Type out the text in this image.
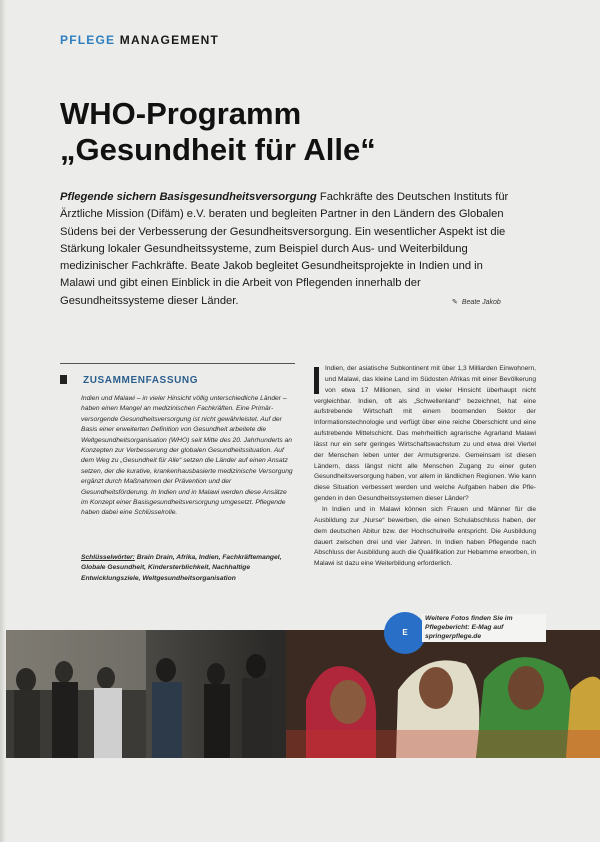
PFLEGE MANAGEMENT
WHO-Programm
„Gesundheit für Alle“
Pflegende sichern Basisgesundheitsversorgung Fachkräfte des Deutschen Instituts für Ärztliche Mission (Difäm) e.V. beraten und begleiten Partner in den Ländern des Globalen Südens bei der Verbesserung der Gesundheitsversorgung. Ein wesentlicher Aspekt ist die Stärkung lokaler Gesundheitssysteme, zum Beispiel durch Aus- und Weiterbildung medizinischer Fachkräfte. Beate Jakob begleitet Gesundheitsprojekte in Indien und in Malawi und gibt einen Einblick in die Arbeit von Pflegenden innerhalb der Gesundheitssysteme dieser Länder.	✎ Beate Jakob
ZUSAMMENFASSUNG
Indien und Malawi – in vieler Hinsicht völlig unterschiedliche Länder – haben einen Mangel an medizinischen Fachkräften. Eine Primärversorgende Gesundheitsversorgung ist nicht gewährleistet. Auf der Basis einer erweiterten Definition von Gesundheit arbeitete die Weltgesundheitsorganisation (WHO) seit Mitte des 20. Jahrhunderts an Konzepten zur Verbesserung der globalen Gesundheitssituation. Auf dem Weg zu „Gesundheit für Alle“ setzen die Länder auf einen Ansatz setzen, der die kurative, krankenhausbasierte medizinische Versorgung ergänzt durch Maßnahmen der Prävention und der Gesundheitsförderung. In Indien und in Malawi werden diese Ansätze im Konzept einer Basisgesundheitsversorgung umgesetzt. Pflegende haben dabei eine Schlüsselrolle.
Schlüsselwörter: Brain Drain, Afrika, Indien, Fachkräftemangel, Globale Gesundheit, Kindersterblichkeit, Nachhaltige Entwicklungsziele, Weltgesundheitsorganisation

Indien, der asiatische Subkontinent mit über 1,3 Milliarden Einwohnern, und Malawi, das kleine Land im Südosten Afrikas mit einer Bevölkerung von etwa 17 Millionen, sind in vieler Hinsicht überhaupt nicht vergleichbar. Indien, oft als „Schwellenland“ bezeichnet, hat eine aufstrebende Wirtschaft mit einem boomenden Sektor der Informationstechnologie und verfügt über eine reiche Oberschicht und eine aufstrebende Mittelschicht. Das mehrheitlich agrarische Agrarland Malawi lässt nur ein sehr geringes Wirtschaftswachstum zu und etwa drei Viertel der Menschen leben unter der Armutsgrenze. Gemeinsam ist diesen Ländern, dass längst nicht alle Menschen Zugang zu einer guten Gesundheitsversorgung haben, vor allem in ländlichen Regionen. Wie kann diese Situation verbessert werden und welche Aufgaben haben die Pflegenden in den Gesundheitssystemen dieser Länder?

In Indien und in Malawi können sich Frauen und Männer für die Ausbildung zur „Nurse“ bewerben, die einen Schulabschluss haben, der dem deutschen Abitur bzw. der Hochschulreife entspricht. Die Ausbildung dauert zwischen drei und vier Jahren. In Indien haben Pflegende nach Abschluss der Ausbildung auch die Qualifikation zur Hebamme erworben, in Malawi ist dazu eine Weiterbildung erforderlich.

E
Weitere Fotos finden Sie im Pflegebericht: E-Mag auf springerpflege.de
